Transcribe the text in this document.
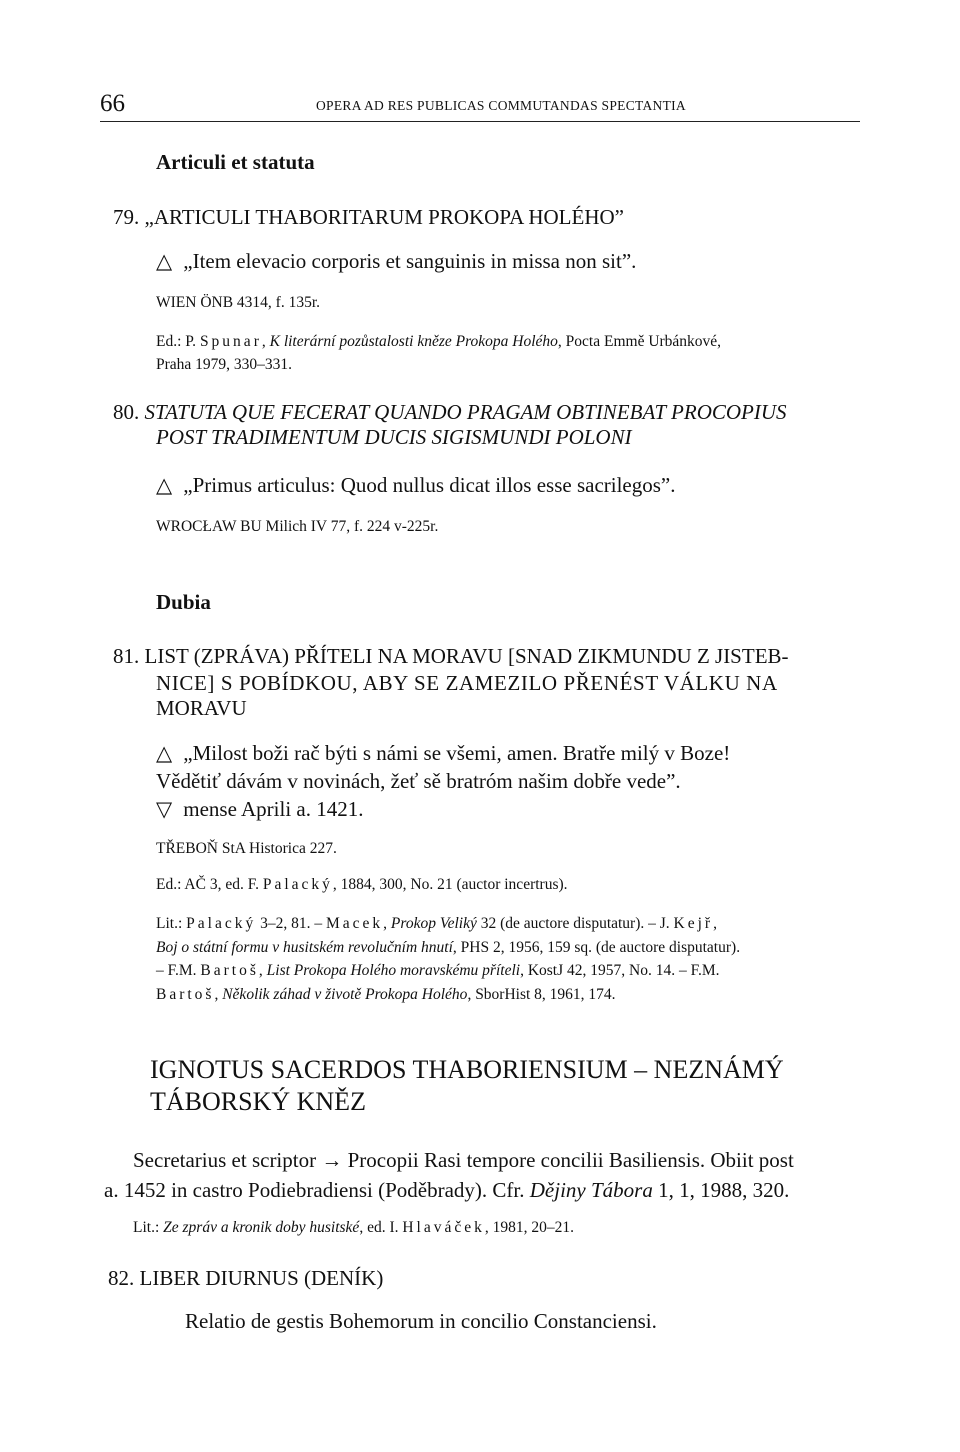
66	OPERA AD RES PUBLICAS COMMUTANDAS SPECTANTIA
Articuli et statuta
79. „ARTICULI THABORITARUM PROKOPA HOLÉHO”
△ „Item elevacio corporis et sanguinis in missa non sit”.
WIEN ÖNB 4314, f. 135r.
Ed.: P. Spunar, K literární pozůstalosti kněze Prokopa Holého, Pocta Emmě Urbánkové,
Praha 1979, 330–331.
80. STATUTA QUE FECERAT QUANDO PRAGAM OBTINEBAT PROCOPIUS
POST TRADIMENTUM DUCIS SIGISMUNDI POLONI
△ „Primus articulus: Quod nullus dicat illos esse sacrilegos”.
WROCŁAW BU Milich IV 77, f. 224 v-225r.
Dubia
81. LIST (ZPRÁVA) PŘÍTELI NA MORAVU [SNAD ZIKMUNDU Z JISTEB-
NICE] S POBÍDKOU, ABY SE ZAMEZILO PŘENÉST VÁLKU NA
MORAVU
△ „Milost boži rač býti s námi se všemi, amen. Bratře milý v Boze!
Vědětiť dávám v novinách, žeť sě bratróm našim dobře vede”.
▽ mense Aprili a. 1421.
TŘEBOŇ StA Historica 227.
Ed.: AČ 3, ed. F. Palacký, 1884, 300, No. 21 (auctor incertrus).

Lit.: Palacký 3–2, 81. – Macek, Prokop Veliký 32 (de auctore disputatur). – J. Kejř,

Boj o státní formu v husitském revolučním hnutí, PHS 2, 1956, 159 sq. (de auctore disputatur).

– F.M. Bartoš, List Prokopa Holého moravskému příteli, KostJ 42, 1957, No. 14. – F.M.

Bartoš, Několik záhad v životě Prokopa Holého, SborHist 8, 1961, 174.

IGNOTUS SACERDOS THABORIENSIUM – NEZNÁMÝ
TÁBORSKÝ KNĚZ
Secretarius et scriptor → Procopii Rasi tempore concilii Basiliensis. Obiit post
a. 1452 in castro Podiebradiensi (Poděbrady). Cfr. Dějiny Tábora 1, 1, 1988, 320.
Lit.: Ze zpráv a kronik doby husitské, ed. I. Hlaváček, 1981, 20–21.
82. LIBER DIURNUS (DENÍK)
Relatio de gestis Bohemorum in concilio Constanciensi.
